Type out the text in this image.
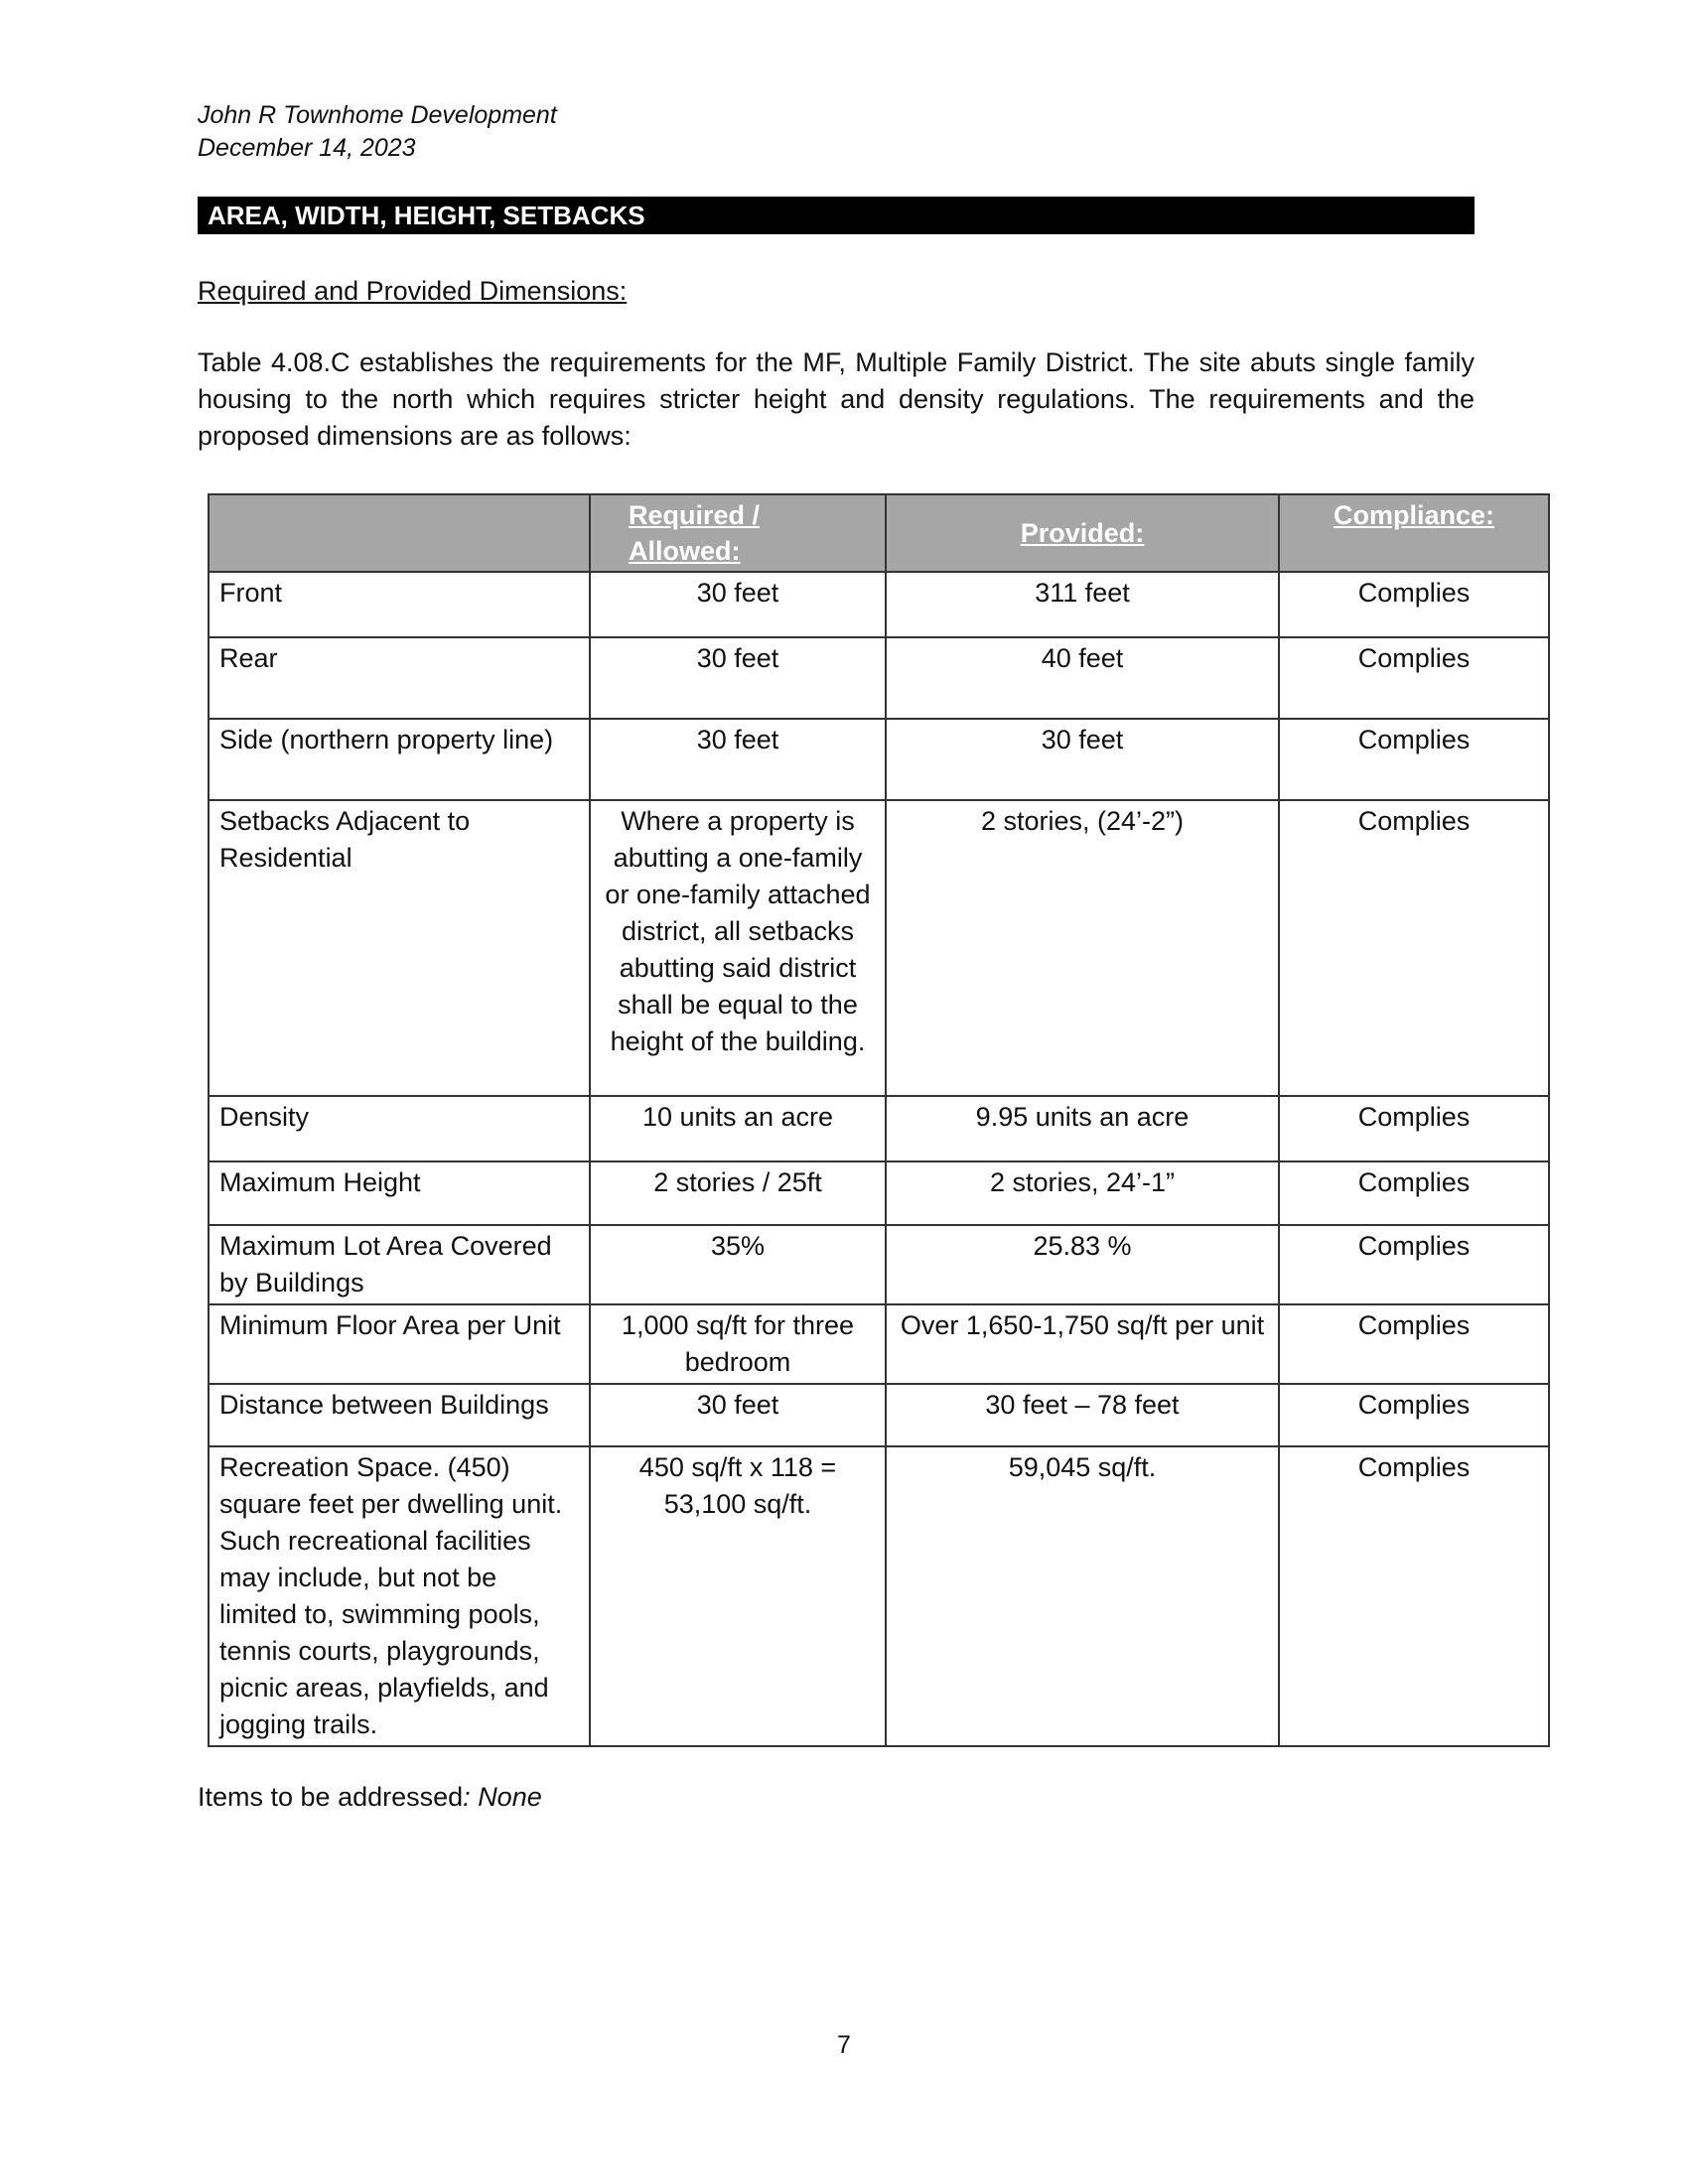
John R Townhome Development
December 14, 2023
AREA, WIDTH, HEIGHT, SETBACKS
Required and Provided Dimensions:
Table 4.08.C establishes the requirements for the MF, Multiple Family District. The site abuts single family housing to the north which requires stricter height and density regulations. The requirements and the proposed dimensions are as follows:
	Required / Allowed:	Provided:	Compliance:
Front	30 feet	311 feet	Complies
Rear	30 feet	40 feet	Complies
Side (northern property line)	30 feet	30 feet	Complies
Setbacks Adjacent to Residential	Where a property is abutting a one-family or one-family attached district, all setbacks abutting said district shall be equal to the height of the building.	2 stories, (24’-2”)	Complies
Density	10 units an acre	9.95 units an acre	Complies
Maximum Height	2 stories / 25ft	2 stories, 24’-1”	Complies
Maximum Lot Area Covered by Buildings	35%	25.83 %	Complies
Minimum Floor Area per Unit	1,000 sq/ft for three bedroom	Over 1,650-1,750 sq/ft per unit	Complies
Distance between Buildings	30 feet	30 feet – 78 feet	Complies
Recreation Space. (450) square feet per dwelling unit. Such recreational facilities may include, but not be limited to, swimming pools, tennis courts, playgrounds, picnic areas, playfields, and jogging trails.	450 sq/ft x 118 = 53,100 sq/ft.	59,045 sq/ft.	Complies
Items to be addressed: None
7
